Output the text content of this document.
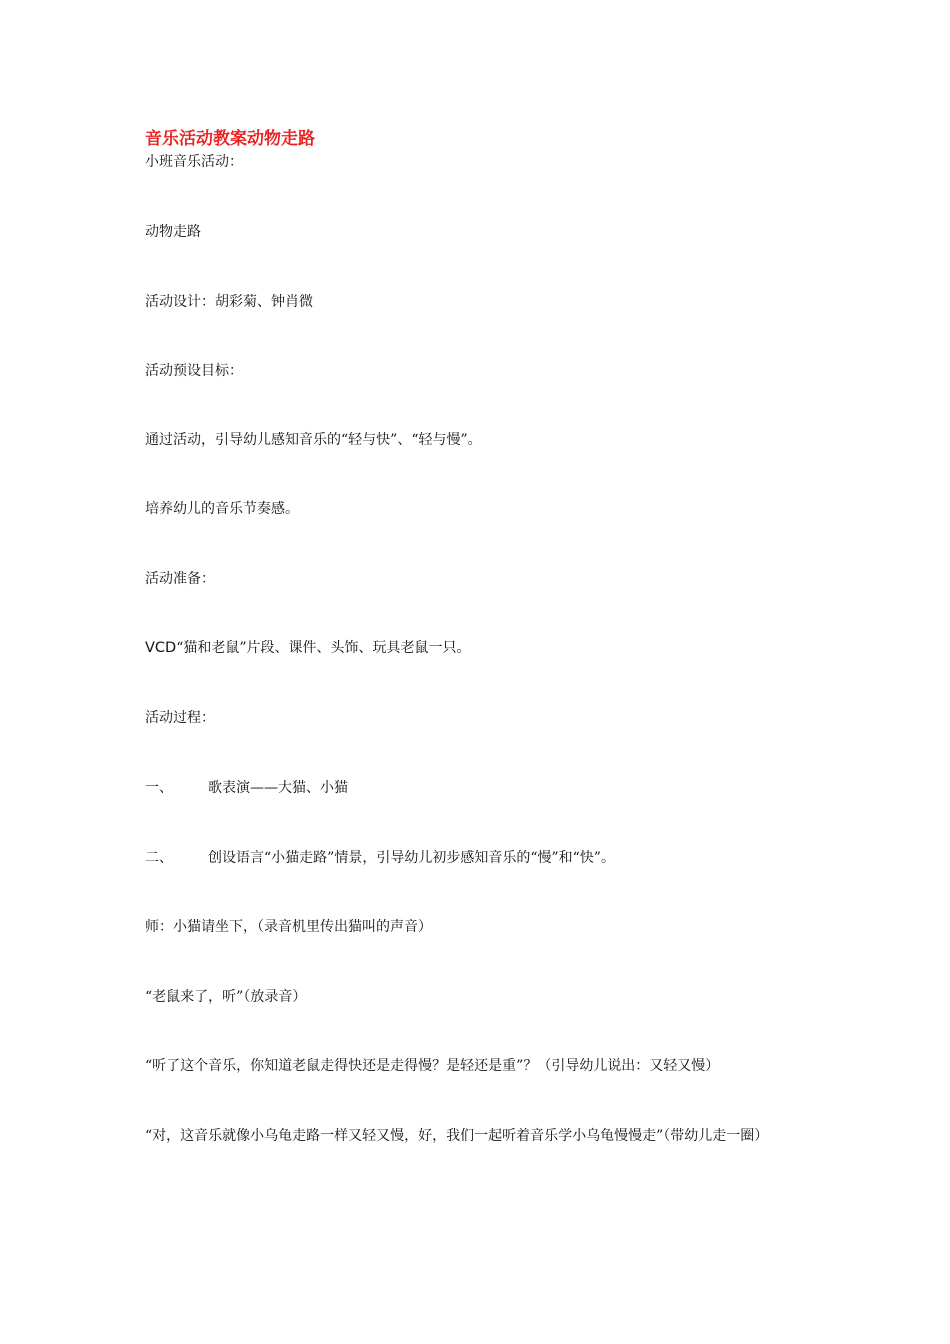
音乐活动教案动物走路
小班音乐活动：
动物走路
活动设计：胡彩菊、钟肖微
活动预设目标：
通过活动，引导幼儿感知音乐的“轻与快”、“轻与慢”。
培养幼儿的音乐节奏感。
活动准备：
VCD“猫和老鼠”片段、课件、头饰、玩具老鼠一只。
活动过程：
一、	歌表演——大猫、小猫
二、	创设语言“小猫走路”情景，引导幼儿初步感知音乐的“慢”和“快”。
师：小猫请坐下，（录音机里传出猫叫的声音）
“老鼠来了，听”（放录音）
“听了这个音乐，你知道老鼠走得快还是走得慢？是轻还是重”？（引导幼儿说出：又轻又慢）
“对，这音乐就像小乌龟走路一样又轻又慢，好，我们一起听着音乐学小乌龟慢慢走”（带幼儿走一圈）
